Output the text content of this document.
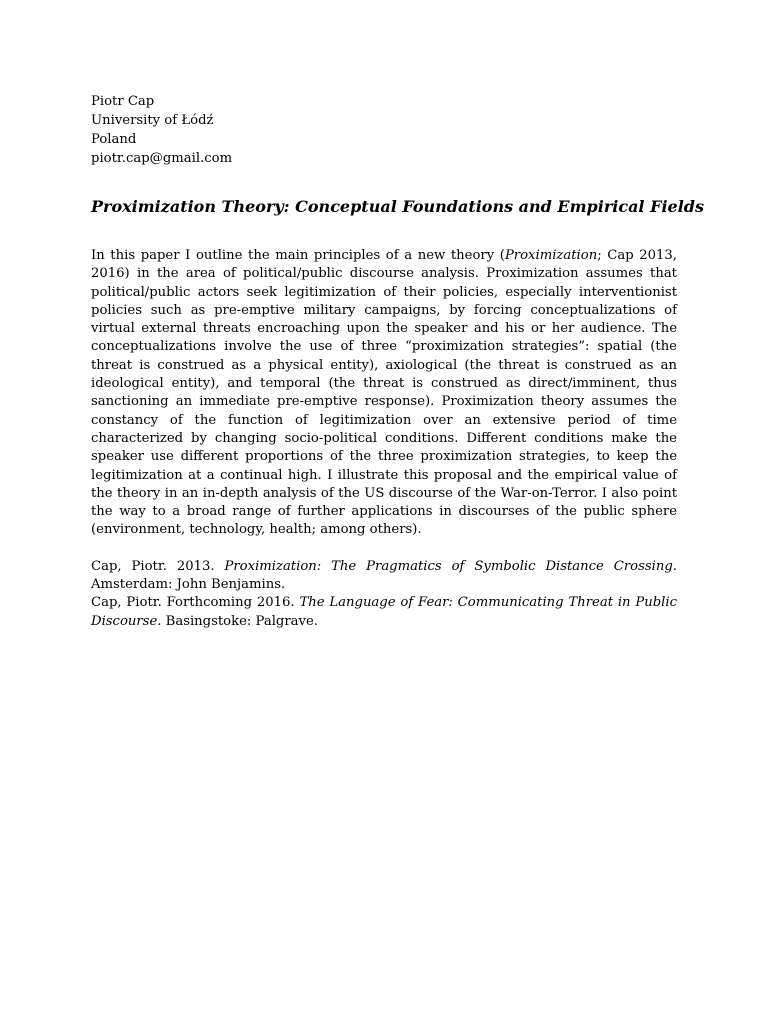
Piotr Cap
University of Łódź
Poland
piotr.cap@gmail.com
Proximization Theory: Conceptual Foundations and Empirical Fields

In this paper I outline the main principles of a new theory (Proximization; Cap 2013, 2016) in the area of political/public discourse analysis. Proximization assumes that political/public actors seek legitimization of their policies, especially interventionist policies such as pre-emptive military campaigns, by forcing conceptualizations of virtual external threats encroaching upon the speaker and his or her audience. The conceptualizations involve the use of three “proximization strategies”: spatial (the threat is construed as a physical entity), axiological (the threat is construed as an ideological entity), and temporal (the threat is construed as direct/imminent, thus sanctioning an immediate pre-emptive response). Proximization theory assumes the constancy of the function of legitimization over an extensive period of time characterized by changing socio-political conditions. Different conditions make the speaker use different proportions of the three proximization strategies, to keep the legitimization at a continual high. I illustrate this proposal and the empirical value of the theory in an in-depth analysis of the US discourse of the War-on-Terror. I also point the way to a broad range of further applications in discourses of the public sphere (environment, technology, health; among others).

Cap, Piotr. 2013. Proximization: The Pragmatics of Symbolic Distance Crossing. Amsterdam: John Benjamins.

Cap, Piotr. Forthcoming 2016. The Language of Fear: Communicating Threat in Public Discourse. Basingstoke: Palgrave.
